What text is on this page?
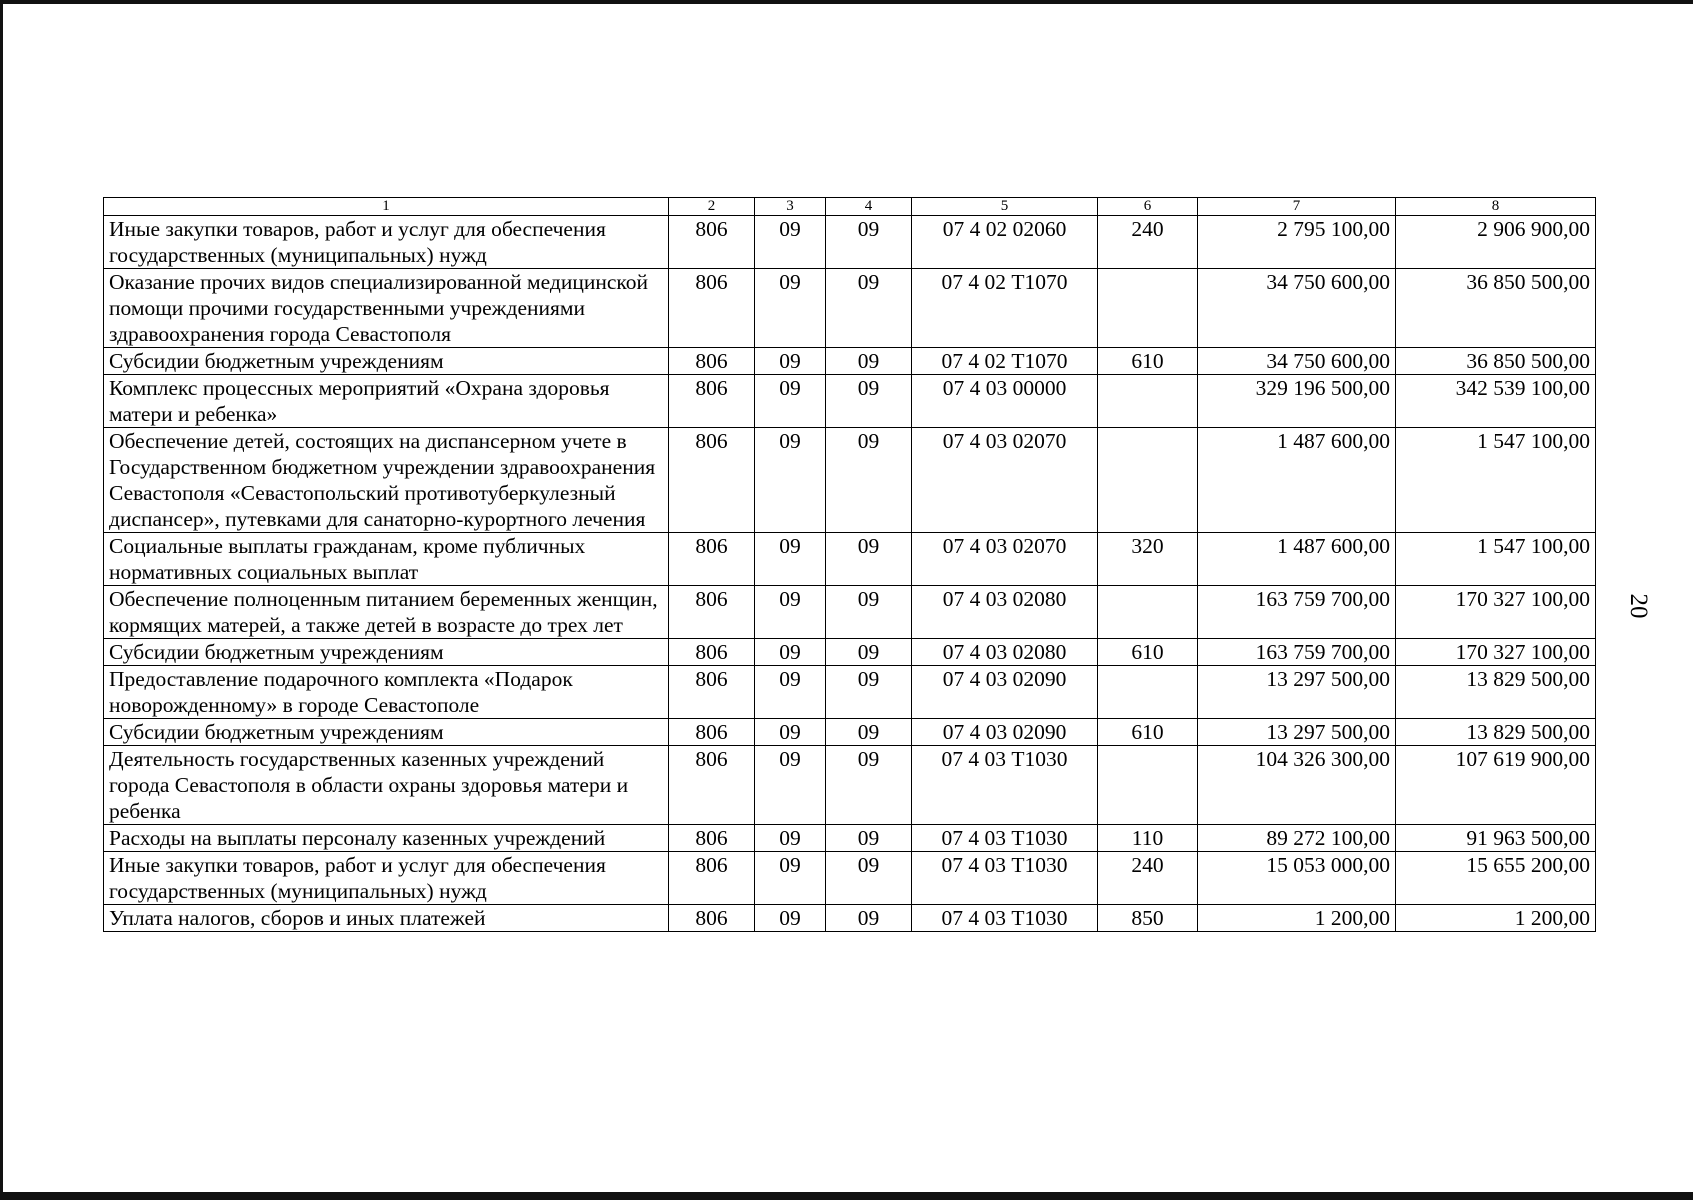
20
1	2	3	4	5	6	7	8
Иные закупки товаров, работ и услуг для обеспечения государственных (муниципальных) нужд	806	09	09	07 4 02 02060	240	2 795 100,00	2 906 900,00
Оказание прочих видов специализированной медицинской помощи прочими государственными учреждениями здравоохранения города Севастополя	806	09	09	07 4 02 Т1070		34 750 600,00	36 850 500,00
Субсидии бюджетным учреждениям	806	09	09	07 4 02 Т1070	610	34 750 600,00	36 850 500,00
Комплекс процессных мероприятий «Охрана здоровья матери и ребенка»	806	09	09	07 4 03 00000		329 196 500,00	342 539 100,00
Обеспечение детей, состоящих на диспансерном учете в Государственном бюджетном учреждении здравоохранения Севастополя «Севастопольский противотуберкулезный диспансер», путевками для санаторно-курортного лечения	806	09	09	07 4 03 02070		1 487 600,00	1 547 100,00
Социальные выплаты гражданам, кроме публичных нормативных социальных выплат	806	09	09	07 4 03 02070	320	1 487 600,00	1 547 100,00
Обеспечение полноценным питанием беременных женщин, кормящих матерей, а также детей в возрасте до трех лет	806	09	09	07 4 03 02080		163 759 700,00	170 327 100,00
Субсидии бюджетным учреждениям	806	09	09	07 4 03 02080	610	163 759 700,00	170 327 100,00
Предоставление подарочного комплекта «Подарок новорожденному» в городе Севастополе	806	09	09	07 4 03 02090		13 297 500,00	13 829 500,00
Субсидии бюджетным учреждениям	806	09	09	07 4 03 02090	610	13 297 500,00	13 829 500,00
Деятельность государственных казенных учреждений города Севастополя в области охраны здоровья матери и ребенка	806	09	09	07 4 03 Т1030		104 326 300,00	107 619 900,00
Расходы на выплаты персоналу казенных учреждений	806	09	09	07 4 03 Т1030	110	89 272 100,00	91 963 500,00
Иные закупки товаров, работ и услуг для обеспечения государственных (муниципальных) нужд	806	09	09	07 4 03 Т1030	240	15 053 000,00	15 655 200,00
Уплата налогов, сборов и иных платежей	806	09	09	07 4 03 Т1030	850	1 200,00	1 200,00
